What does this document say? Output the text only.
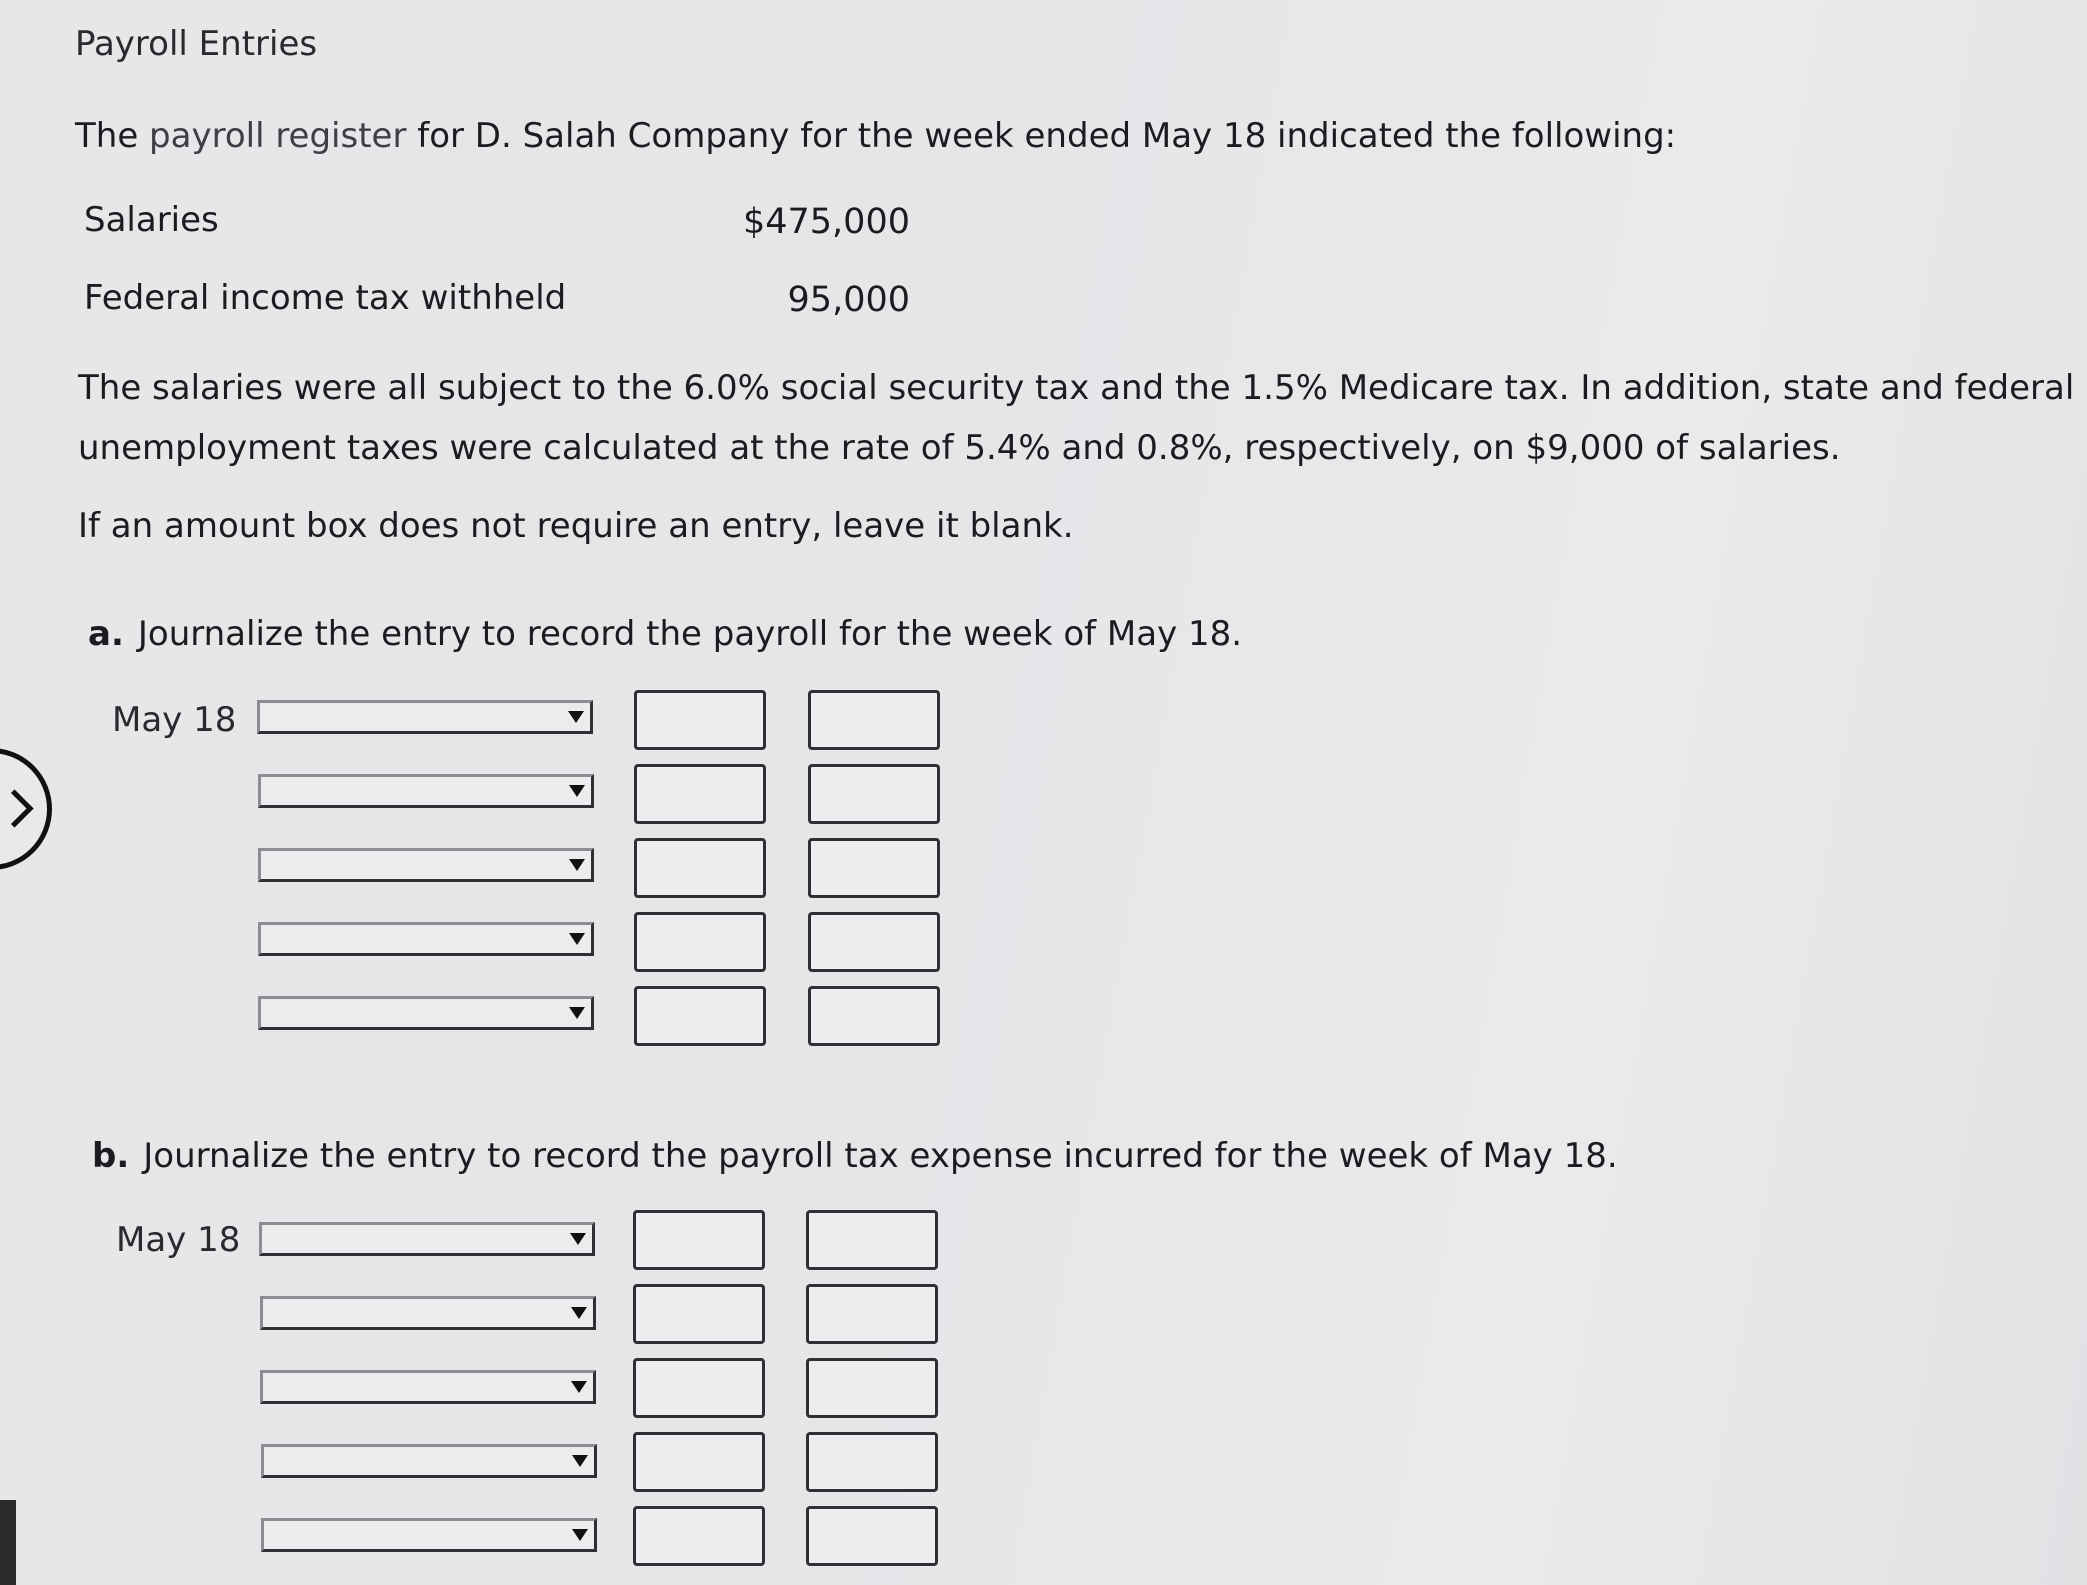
Payroll Entries
The payroll register for D. Salah Company for the week ended May 18 indicated the following:
Salaries	$475,000
Federal income tax withheld	95,000
The salaries were all subject to the 6.0% social security tax and the 1.5% Medicare tax. In addition, state and federal
unemployment taxes were calculated at the rate of 5.4% and 0.8%, respectively, on $9,000 of salaries.
If an amount box does not require an entry, leave it blank.
a. Journalize the entry to record the payroll for the week of May 18.
May 18
b. Journalize the entry to record the payroll tax expense incurred for the week of May 18.
May 18
